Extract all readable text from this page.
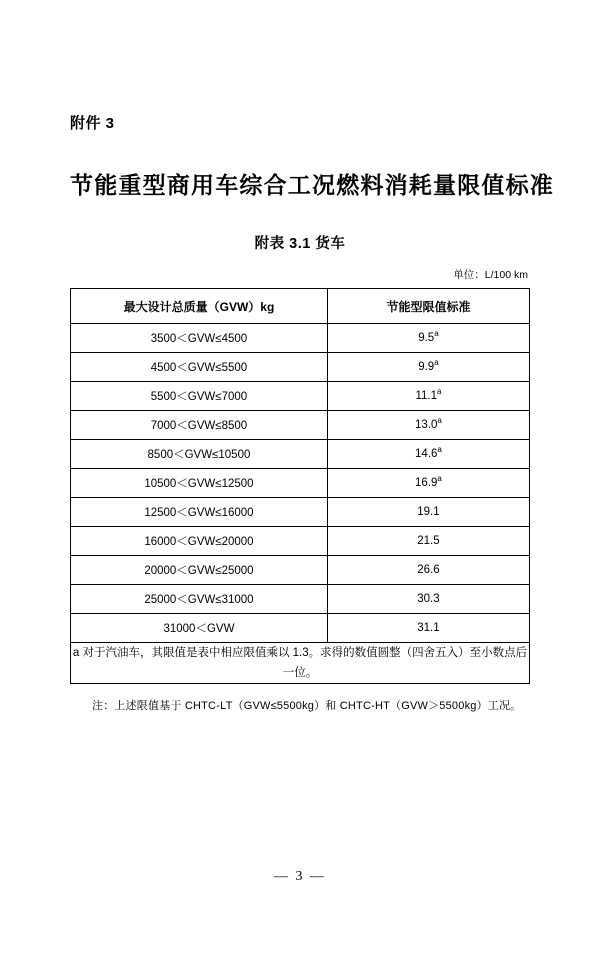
附件 3
节能重型商用车综合工况燃料消耗量限值标准
附表 3.1 货车
单位：L/100 km
最大设计总质量（GVW）kg	节能型限值标准
3500＜GVW≤4500	9.5$^a$
4500＜GVW≤5500	9.9$^a$
5500＜GVW≤7000	11.1$^a$
7000＜GVW≤8500	13.0$^a$
8500＜GVW≤10500	14.6$^a$
10500＜GVW≤12500	16.9$^a$
12500＜GVW≤16000	19.1
16000＜GVW≤20000	21.5
20000＜GVW≤25000	26.6
25000＜GVW≤31000	30.3
31000＜GVW	31.1
a 对于汽油车，其限值是表中相应限值乘以 1.3。求得的数值圆整（四舍五入）至小数点后一位。	
注：上述限值基于 CHTC-LT（GVW≤5500kg）和 CHTC-HT（GVW＞5500kg）工况。
— 3 —
